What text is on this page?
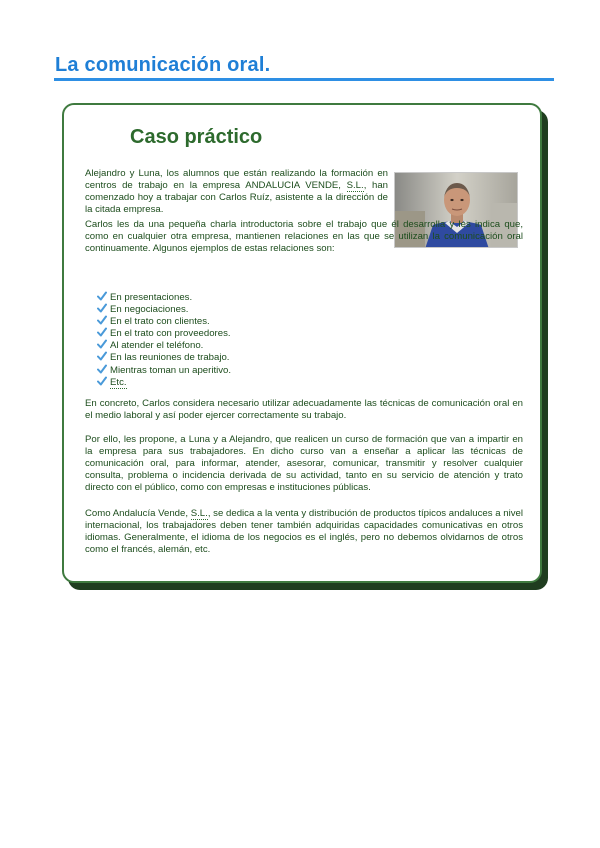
La comunicación oral.
Caso práctico

Alejandro y Luna, los alumnos que están realizando la formación en centros de trabajo en la empresa ANDALUCIA VENDE, S.L., han comenzado hoy a trabajar con Carlos Ruíz, asistente a la dirección de la citada empresa.

Carlos les da una pequeña charla introductoria sobre el trabajo que él desarrolla y les indica que, como en cualquier otra empresa, mantienen relaciones en las que se utilizan la comunicación oral continuamente. Algunos ejemplos de estas relaciones son:

En presentaciones.
En negociaciones.
En el trato con clientes.
En el trato con proveedores.
Al atender el teléfono.
En las reuniones de trabajo.
Mientras toman un aperitivo.
Etc.

En concreto, Carlos considera necesario utilizar adecuadamente las técnicas de comunicación oral en el medio laboral y así poder ejercer correctamente su trabajo.

Por ello, les propone, a Luna y a Alejandro, que realicen un curso de formación que van a impartir en la empresa para sus trabajadores. En dicho curso van a enseñar a aplicar las técnicas de comunicación oral, para informar, atender, asesorar, comunicar, transmitir y resolver cualquier consulta, problema o incidencia derivada de su actividad, tanto en su servicio de atención y trato directo con el público, como con empresas e instituciones públicas.

Como Andalucía Vende, S.L., se dedica a la venta y distribución de productos típicos andaluces a nivel internacional, los trabajadores deben tener también adquiridas capacidades comunicativas en otros idiomas. Generalmente, el idioma de los negocios es el inglés, pero no debemos olvidarnos de otros como el francés, alemán, etc.
